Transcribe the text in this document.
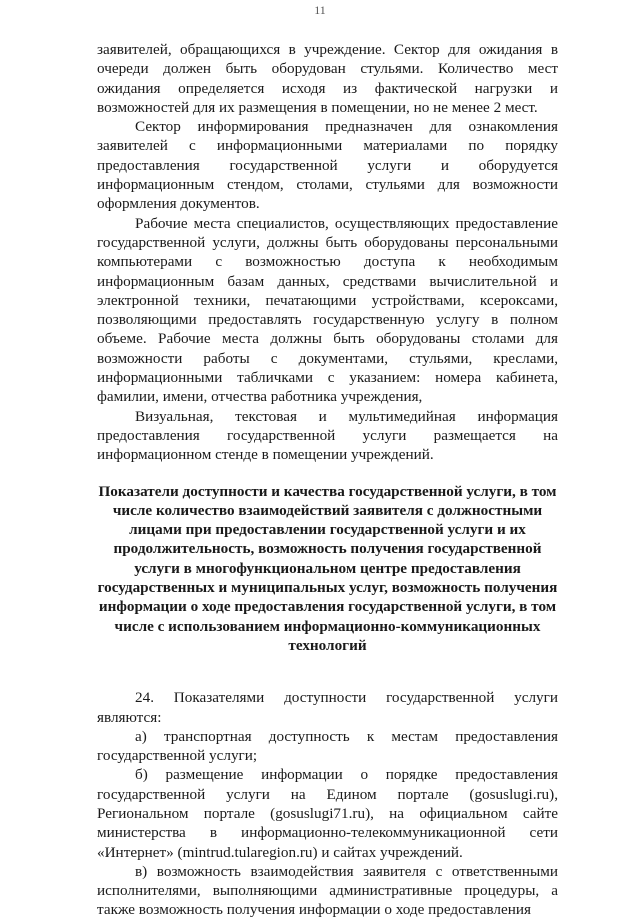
11

заявителей, обращающихся в учреждение. Сектор для ожидания в очереди должен быть оборудован стульями. Количество мест ожидания определяется исходя из фактической нагрузки и возможностей для их размещения в помещении, но не менее 2 мест.

Сектор информирования предназначен для ознакомления заявителей с информационными материалами по порядку предоставления государственной услуги и оборудуется информационным стендом, столами, стульями для возможности оформления документов.

Рабочие места специалистов, осуществляющих предоставление государственной услуги, должны быть оборудованы персональными компьютерами с возможностью доступа к необходимым информационным базам данных, средствами вычислительной и электронной техники, печатающими устройствами, ксероксами, позволяющими предоставлять государственную услугу в полном объеме. Рабочие места должны быть оборудованы столами для возможности работы с документами, стульями, креслами, информационными табличками с указанием: номера кабинета, фамилии, имени, отчества работника учреждения,

Визуальная, текстовая и мультимедийная информация предоставления государственной услуги размещается на информационном стенде в помещении учреждений.

Показатели доступности и качества государственной услуги, в том
числе количество взаимодействий заявителя с должностными
лицами при предоставлении государственной услуги и их
продолжительность, возможность получения государственной
услуги в многофункциональном центре предоставления
государственных и муниципальных услуг, возможность получения
информации о ходе предоставления государственной услуги, в том
числе с использованием информационно-коммуникационных
технологий

24. Показателями доступности государственной услуги являются:

а) транспортная доступность к местам предоставления государственной услуги;

б) размещение информации о порядке предоставления государственной услуги на Едином портале (gosuslugi.ru), Региональном портале (gosuslugi71.ru), на официальном сайте министерства в информационно-телекоммуникационной сети «Интернет» (mintrud.tularegion.ru) и сайтах учреждений.

в) возможность взаимодействия заявителя с ответственными исполнителями, выполняющими административные процедуры, а также возможность получения информации о ходе предоставления
